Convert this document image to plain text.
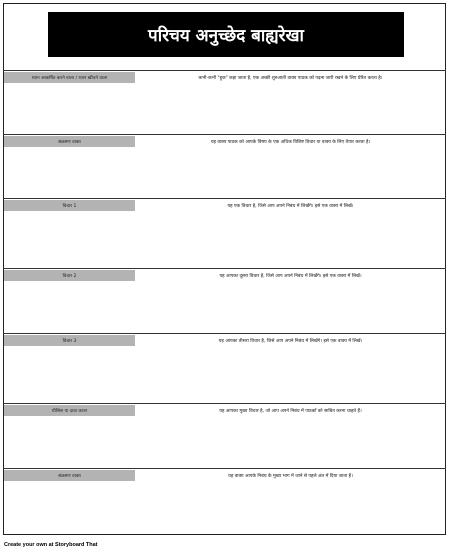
परिचय अनुच्छेद बाह्यरेखा
ध्यान आकर्षित करने वाला / ध्यान खींचने वाला	कभी-कभी "हुक" कहा जाता है, एक अच्छी शुरुआती वाक्य पाठक को पढ़ना जारी रखने के लिए प्रेरित करता है।
संक्रमण वाक्य	यह वाक्य पाठक को आपके विषय के एक अधिक विशिष्ट विचार या वाक्य के लिए तैयार करता है।
विचार 1	यह एक विचार है, जिसे आप अपने निबंध में लिखेंगे। इसे एक वाक्य में लिखें।
विचार 2	यह आपका दूसरा विचार है, जिसे आप अपने निबंध में लिखेंगे। इसे एक वाक्य में लिखें।
विचार 3	यह आपका तीसरा विचार है, जिसे आप अपने निबंध में लिखेंगे। इसे एक वाक्य में लिखें।
थीसिस या दावा कथन	यह आपका मुख्य विचार है, जो आप अपने निबंध में पाठकों को साबित करना चाहते हैं।
संक्रमण वाक्य	यह वाक्य आपके निबंध के मुख्य भाग में जाने से पहले अंत में दिया जाता है।
Create your own at Storyboard That
